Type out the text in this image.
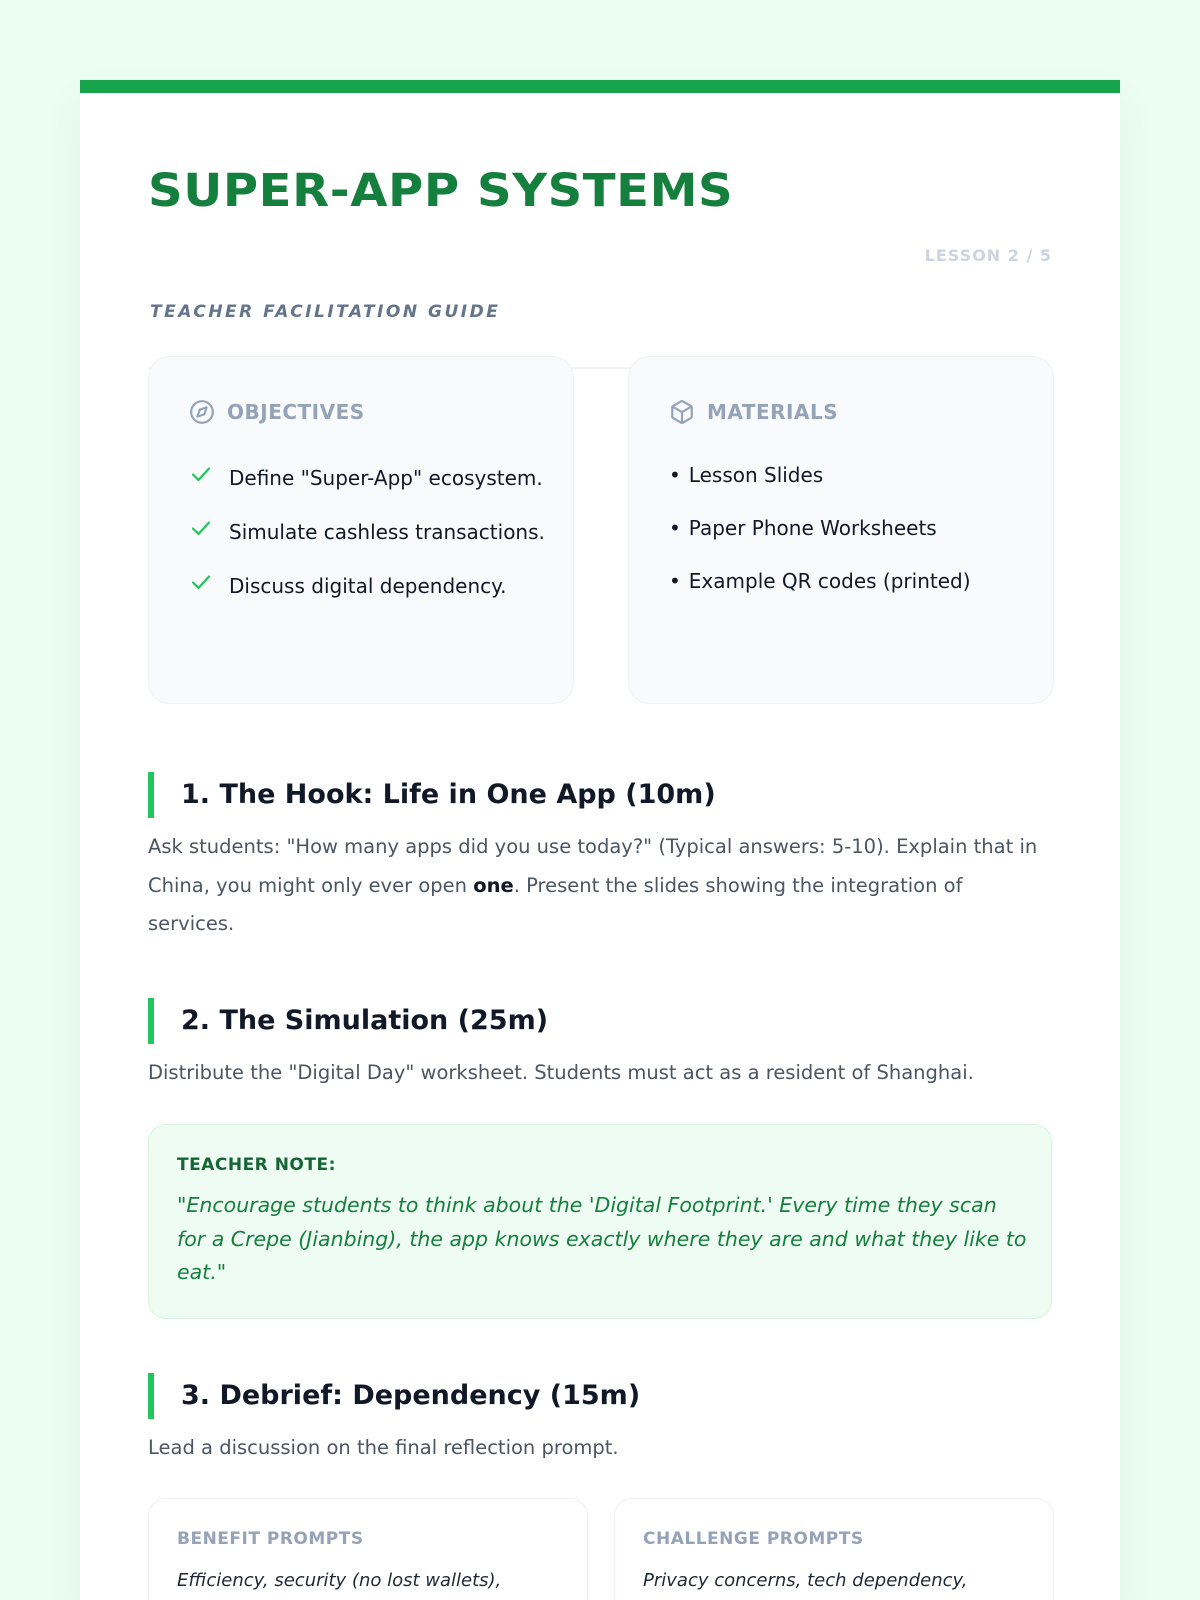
SUPER-APP SYSTEMS
TEACHER FACILITATION GUIDE
LESSON 2 / 5
OBJECTIVES
Define "Super-App" ecosystem.
Simulate cashless transactions.
Discuss digital dependency.
MATERIALS
• Lesson Slides
• Paper Phone Worksheets
• Example QR codes (printed)
1. The Hook: Life in One App (10m)
Ask students: "How many apps did you use today?" (Typical answers: 5-10). Explain that in China, you might only ever open one. Present the slides showing the integration of services.
2. The Simulation (25m)
Distribute the "Digital Day" worksheet. Students must act as a resident of Shanghai.
TEACHER NOTE:
"Encourage students to think about the 'Digital Footprint.' Every time they scan for a Crepe (Jianbing), the app knows exactly where they are and what they like to eat."
3. Debrief: Dependency (15m)
Lead a discussion on the final reflection prompt.
BENEFIT PROMPTS
Efficiency, security (no lost wallets),
CHALLENGE PROMPTS
Privacy concerns, tech dependency,
